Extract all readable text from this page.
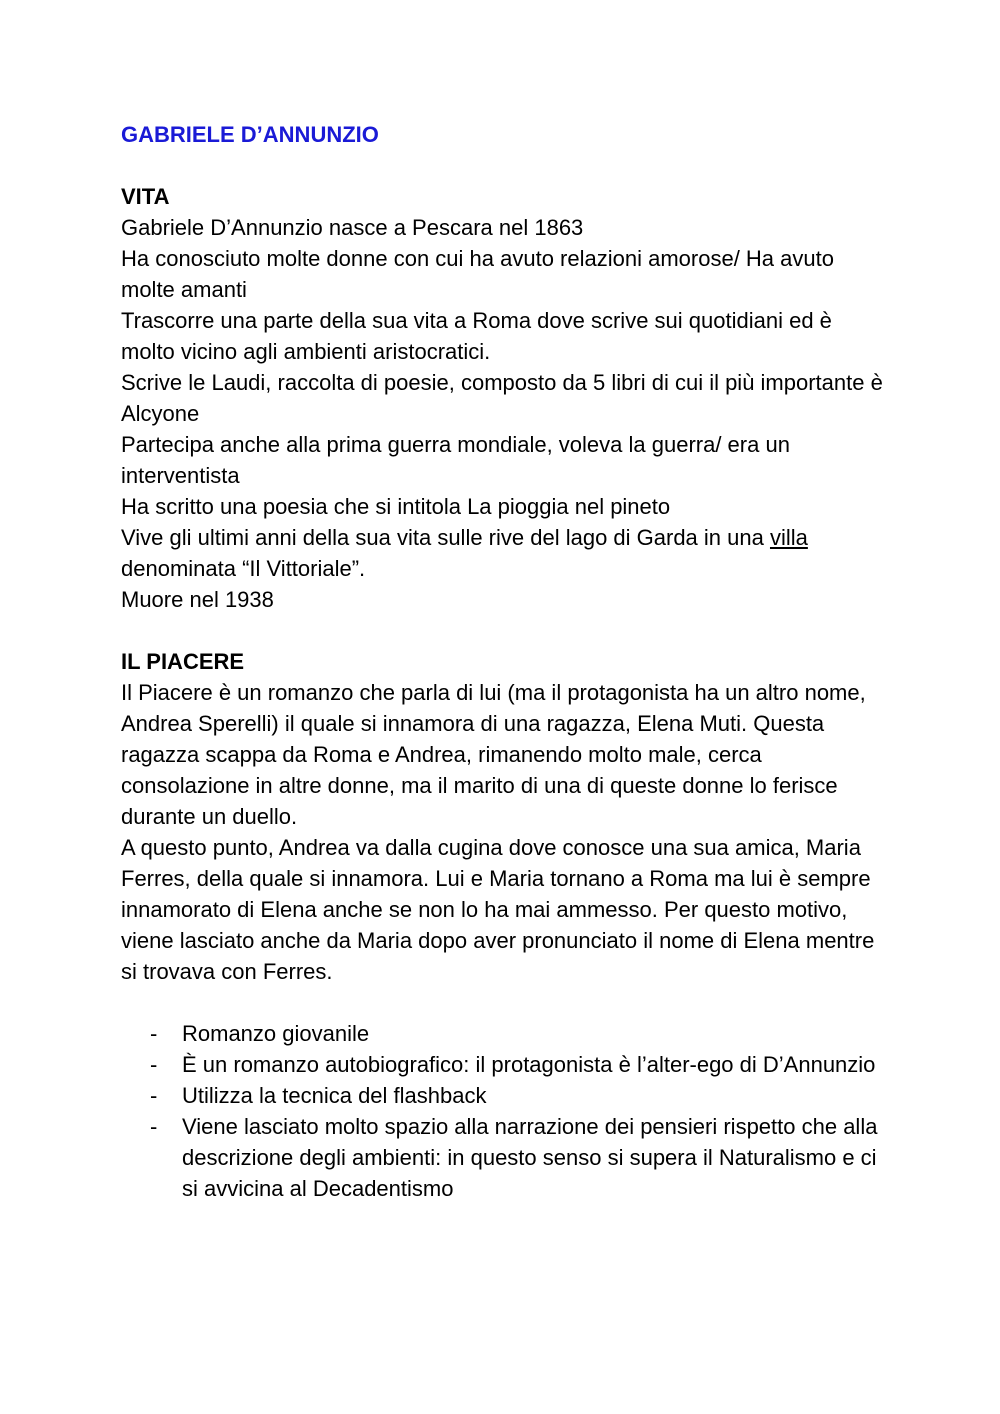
GABRIELE D’ANNUNZIO

VITA

Gabriele D’Annunzio nasce a Pescara nel 1863

Ha conosciuto molte donne con cui ha avuto relazioni amorose/ Ha avuto molte amanti

Trascorre una parte della sua vita a Roma dove scrive sui quotidiani ed è molto vicino agli ambienti aristocratici.

Scrive le Laudi, raccolta di poesie, composto da 5 libri di cui il più importante è Alcyone

Partecipa anche alla prima guerra mondiale, voleva la guerra/ era un interventista

Ha scritto una poesia che si intitola La pioggia nel pineto

Vive gli ultimi anni della sua vita sulle rive del lago di Garda in una villa denominata “Il Vittoriale”.

Muore nel 1938

IL PIACERE

Il Piacere è un romanzo che parla di lui (ma il protagonista ha un altro nome, Andrea Sperelli) il quale si innamora di una ragazza, Elena Muti. Questa ragazza scappa da Roma e Andrea, rimanendo molto male, cerca consolazione in altre donne, ma il marito di una di queste donne lo ferisce durante un duello.

A questo punto, Andrea va dalla cugina dove conosce una sua amica, Maria Ferres, della quale si innamora. Lui e Maria tornano a Roma ma lui è sempre innamorato di Elena anche se non lo ha mai ammesso. Per questo motivo, viene lasciato anche da Maria dopo aver pronunciato il nome di Elena mentre si trovava con Ferres.

- Romanzo giovanile
- È un romanzo autobiografico: il protagonista è l’alter-ego di D’Annunzio
- Utilizza la tecnica del flashback
- Viene lasciato molto spazio alla narrazione dei pensieri rispetto che alla descrizione degli ambienti: in questo senso si supera il Naturalismo e ci si avvicina al Decadentismo
